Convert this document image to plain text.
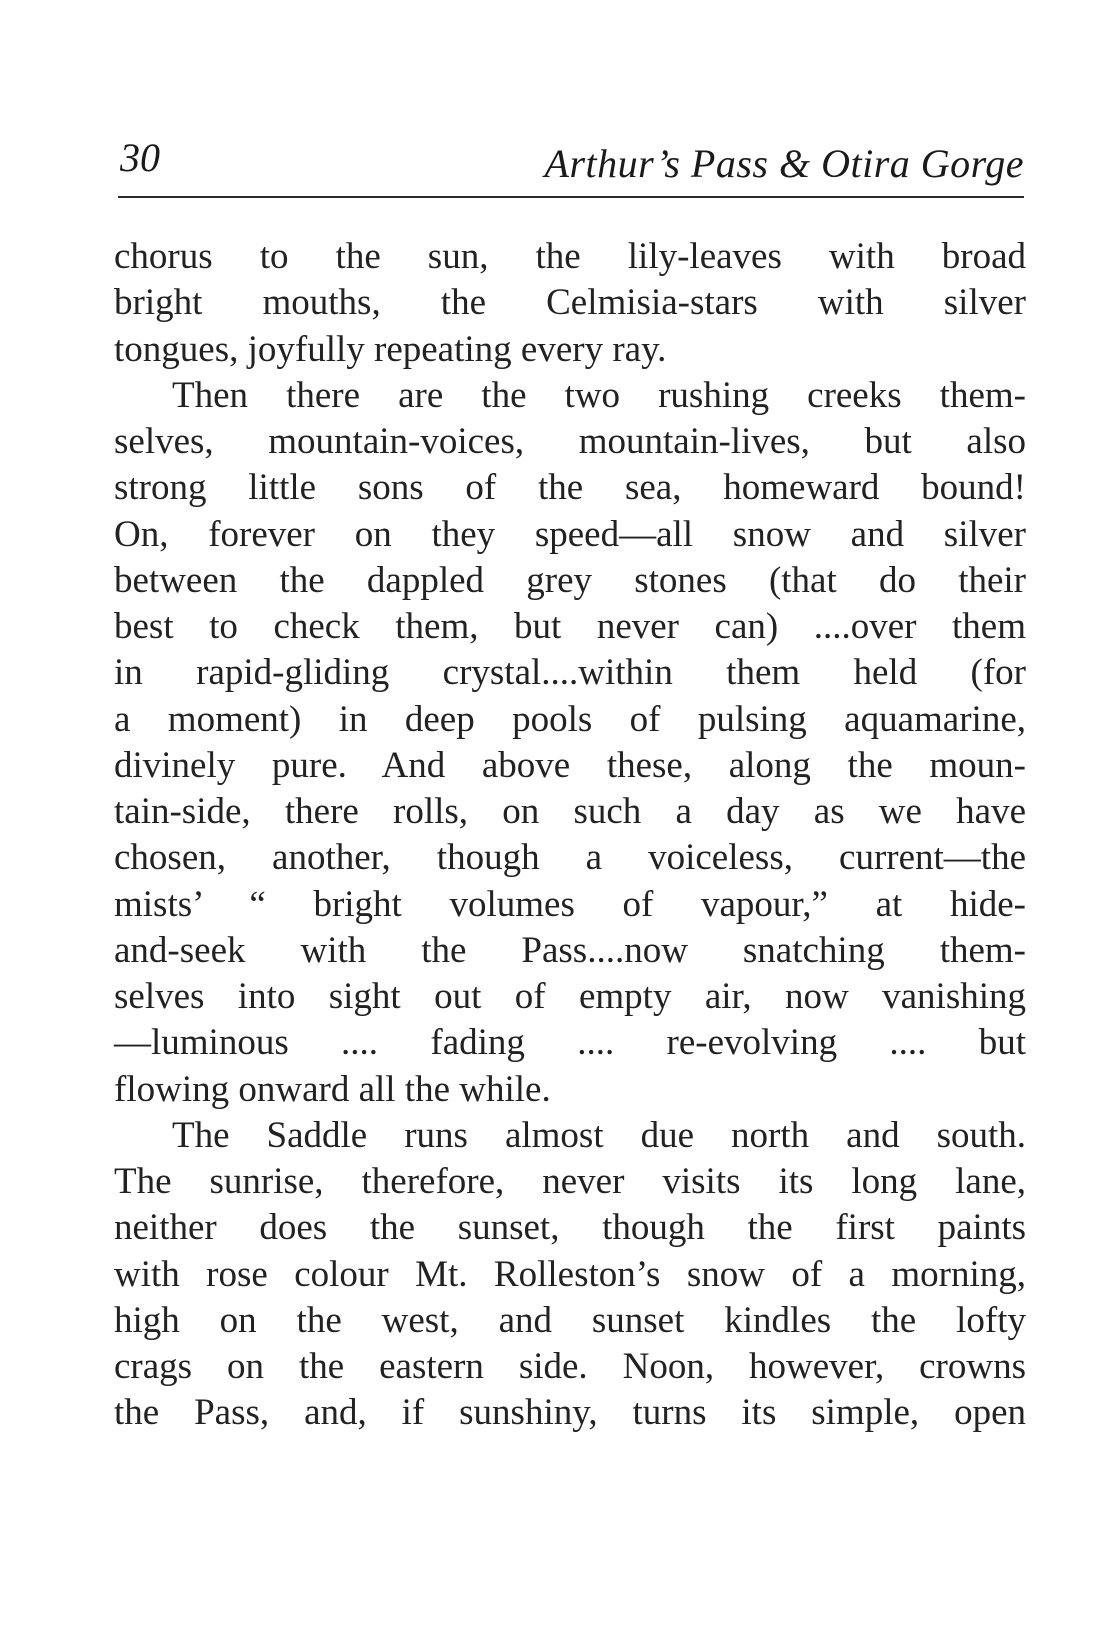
30	Arthur’s Pass & Otira Gorge
chorus to the sun, the lily-leaves with broad
bright mouths, the Celmisia-stars with silver
tongues, joyfully repeating every ray.
Then there are the two rushing creeks them-
selves, mountain-voices, mountain-lives, but also
strong little sons of the sea, homeward bound!
On, forever on they speed—all snow and silver
between the dappled grey stones (that do their
best to check them, but never can) ....over them
in rapid-gliding crystal....within them held (for
a moment) in deep pools of pulsing aquamarine,
divinely pure. And above these, along the moun-
tain-side, there rolls, on such a day as we have
chosen, another, though a voiceless, current—the
mists’ “ bright volumes of vapour,” at hide-
and-seek with the Pass....now snatching them-
selves into sight out of empty air, now vanishing
—luminous .... fading .... re-evolving .... but
flowing onward all the while.
The Saddle runs almost due north and south.
The sunrise, therefore, never visits its long lane,
neither does the sunset, though the first paints
with rose colour Mt. Rolleston’s snow of a morning,
high on the west, and sunset kindles the lofty
crags on the eastern side. Noon, however, crowns
the Pass, and, if sunshiny, turns its simple, open
